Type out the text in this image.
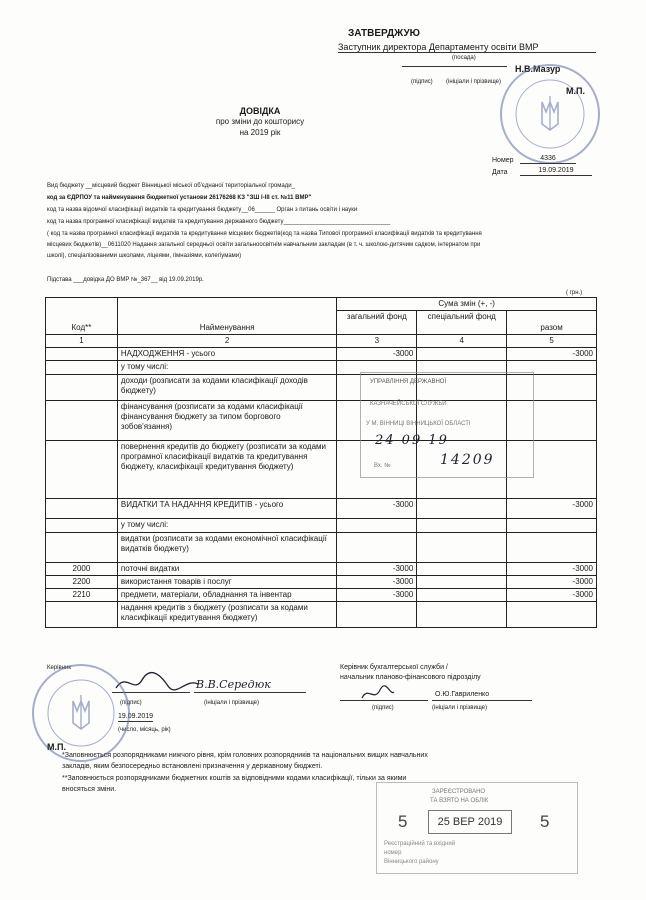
ЗАТВЕРДЖУЮ
Заступник директора Департаменту освіти ВМР
(посада)
Н.В.Мазур
(підпис) (ініціали і прізвище)
М.П.
ДОВІДКА
про зміни до кошторису
на 2019 рік
Номер	4336
Дата	19.09.2019
Вид бюджету __місцевий бюджет Вінницької міської об'єднаної територіальної громади_
код за ЄДРПОУ та найменування бюджетної установи 26176268 КЗ "ЗШ І-ІІІ ст. №11 ВМР"
код та назва відомчої класифікації видатків та кредитування бюджету__06______ Орган з питань освіти і науки
код та назва програмної класифікації видатків та кредитування державного бюджету________________________________
( код та назва програмної класифікації видатків та кредитування місцевих бюджетів(код та назва Типової програмної класифікації видатків та кредитування
місцевих бюджетів)__0611020 Надання загальної середньої освіти загальноосвітнім навчальним закладам (в т. ч. школою-дитячим садком, інтернатом при
школі), спеціалізованими школами, ліцеями, гімназіями, колегіумами)
Підстава ___довідка ДО ВМР №_367__ від 19.09.2019р.
( грн.)
Код**	Найменування	Сума змін (+, -)		
		загальний фонд	спеціальний фонд	разом
1	2	3	4	5
	НАДХОДЖЕННЯ - усього	-3000		-3000
	у тому числі:			
	доходи (розписати за кодами класифікації доходів бюджету)			
	фінансування (розписати за кодами класифікації фінансування бюджету за типом боргового зобов'язання)			
	повернення кредитів до бюджету (розписати за кодами програмної класифікації видатків та кредитування бюджету, класифікації кредитування бюджету)			
	ВИДАТКИ ТА НАДАННЯ КРЕДИТІВ - усього	-3000		-3000
	у тому числі:			
	видатки (розписати за кодами економічної класифікації видатків бюджету)			
2000	поточні видатки	-3000		-3000
2200	використання товарів і послуг	-3000		-3000
2210	предмети, матеріали, обладнання та інвентар	-3000		-3000
	надання кредитів з бюджету (розписати за кодами класифікації кредитування бюджету)			
УПРАВЛІННЯ ДЕРЖАВНОЇ
КАЗНАЧЕЙСЬКОЇ СЛУЖБИ
У М. ВІННИЦІ ВІННИЦЬКОЇ ОБЛАСТІ
24 09 19
Вх. №	14209
Керівник
В.В.Середюк
(підпис)	(ініціали і прізвище)
19.09.2019
(число, місяць, рік)
М.П.
Керівник бухгалтерської служби /
начальник планово-фінансового підрозділу
О.Ю.Гавриленко
(підпис)	(ініціали і прізвище)
*Заповнюється розпорядниками нижчого рівня, крім головних розпорядників та національних вищих навчальних
закладів, яким безпосередньо встановлені призначення у державному бюджеті.
**Заповнюється розпорядниками бюджетних коштів за відповідними кодами класифікації, тільки за якими
вносяться зміни.	ЗАРЕЄСТРОВАНО
ТА ВЗЯТО НА ОБЛІК
5	25 ВЕР 2019	5
Реєстраційний та вхідний
номер
Вінницького району
